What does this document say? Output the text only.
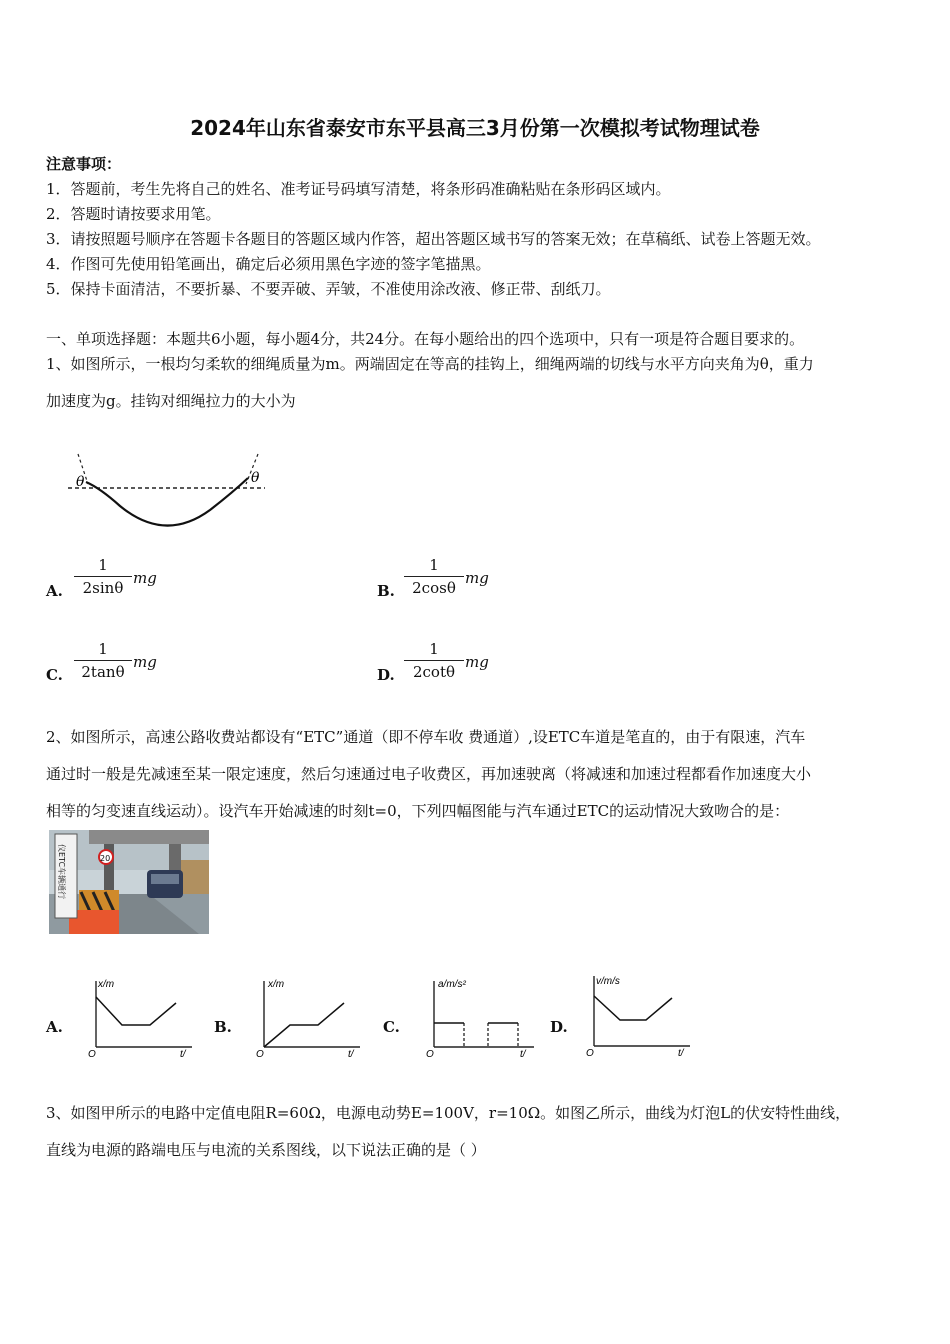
2024年山东省泰安市东平县高三3月份第一次模拟考试物理试卷
注意事项：
1．答题前，考生先将自己的姓名、准考证号码填写清楚，将条形码准确粘贴在条形码区域内。
2．答题时请按要求用笔。
3．请按照题号顺序在答题卡各题目的答题区域内作答，超出答题区域书写的答案无效；在草稿纸、试卷上答题无效。
4．作图可先使用铅笔画出，确定后必须用黑色字迹的签字笔描黑。
5．保持卡面清洁，不要折暴、不要弄破、弄皱，不准使用涂改液、修正带、刮纸刀。
一、单项选择题：本题共6小题，每小题4分，共24分。在每小题给出的四个选项中，只有一项是符合题目要求的。
1、如图所示，一根均匀柔软的细绳质量为m。两端固定在等高的挂钩上，细绳两端的切线与水平方向夹角为θ，重力
加速度为g。挂钩对细绳拉力的大小为
θ	θ
A. $\frac{1}{2\sin\theta}$ mg
B. $\frac{1}{2\cos\theta}$ mg
C. $\frac{1}{2\tan\theta}$ mg
D. $\frac{1}{2\cot\theta}$ mg
2、如图所示，高速公路收费站都设有“ETC”通道（即不停车收 费通道）,设ETC车道是笔直的，由于有限速，汽车
通过时一般是先减速至某一限定速度，然后匀速通过电子收费区，再加速驶离（将减速和加速过程都看作加速度大小
相等的匀变速直线运动）。设汽车开始减速的时刻t=0，下列四幅图能与汽车通过ETC的运动情况大致吻合的是：
仪ETC车辆通行	20
A.	B.	C.	D.
x/m
t/
O
x/m
t/
O
a/m/s²
t/
O
v/m/s
t/
O
3、如图甲所示的电路中定值电阻R=60Ω，电源电动势E=100V，r=10Ω。如图乙所示，曲线为灯泡L的伏安特性曲线，
直线为电源的路端电压与电流的关系图线，以下说法正确的是（ ）
